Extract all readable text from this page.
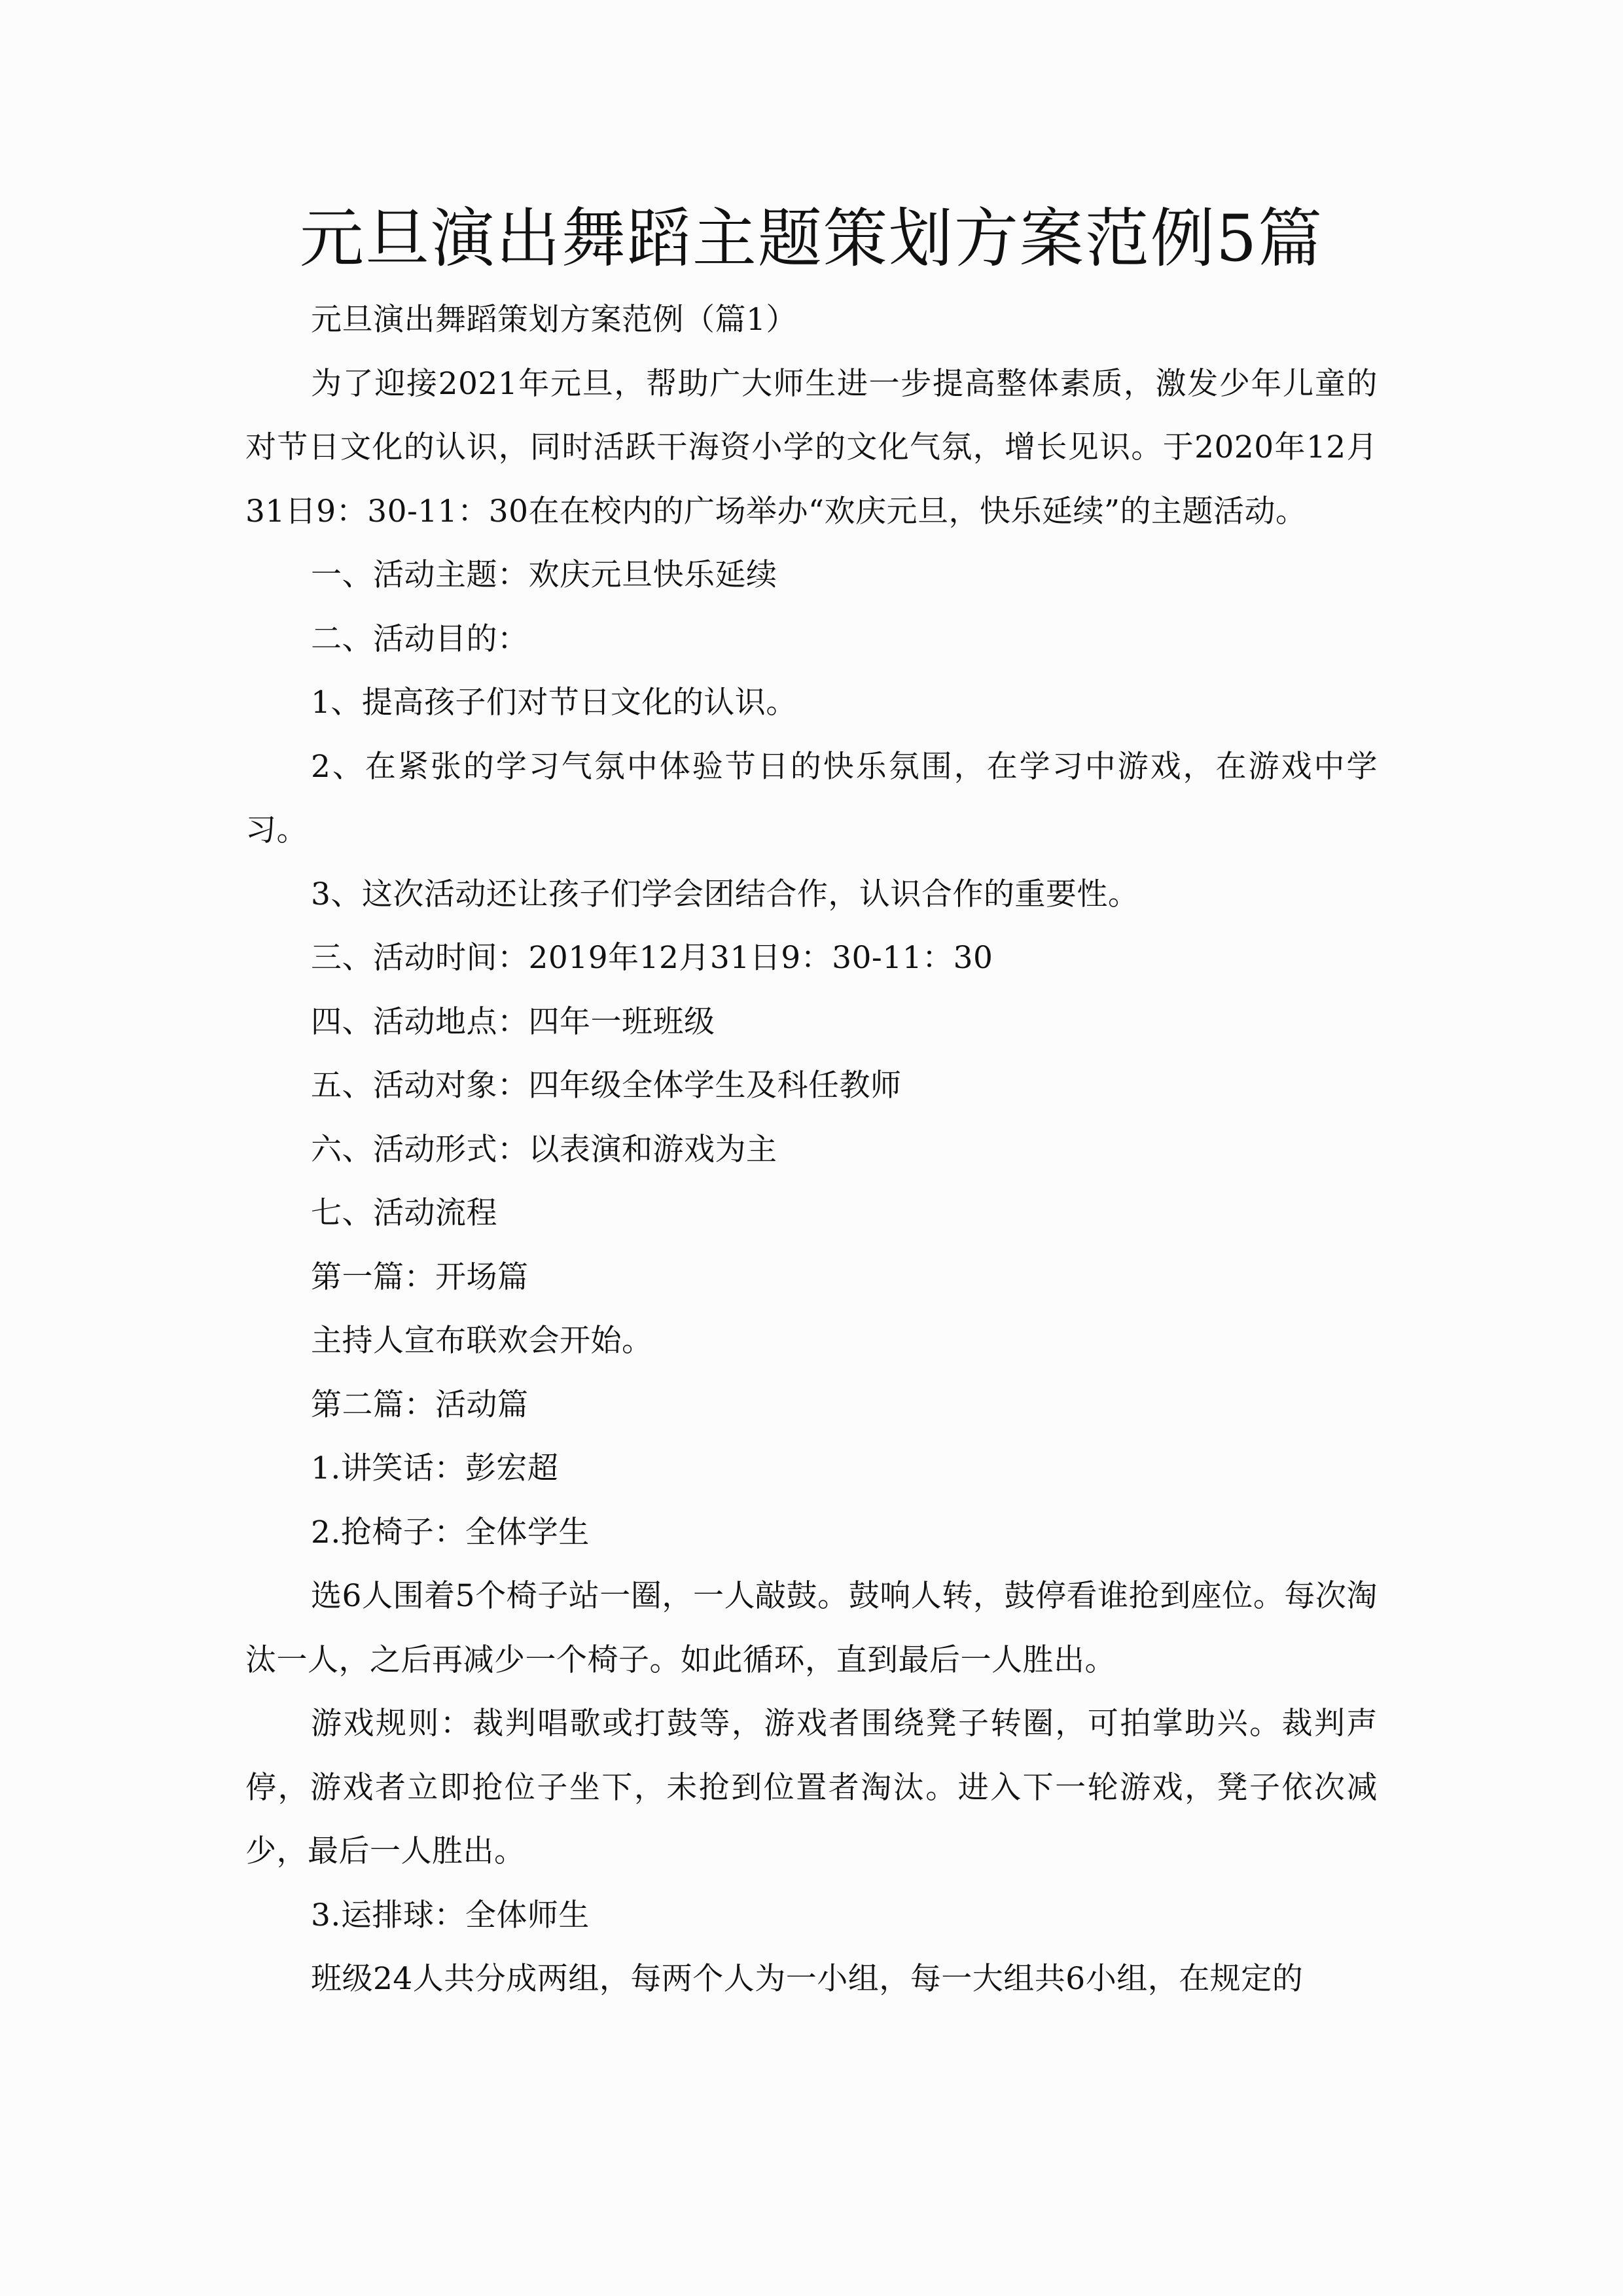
元旦演出舞蹈主题策划方案范例5篇

元旦演出舞蹈策划方案范例（篇1）

为了迎接2021年元旦，帮助广大师生进一步提高整体素质，激发少年儿童的对节日文化的认识，同时活跃干海资小学的文化气氛，增长见识。于2020年12月31日9：30-11：30在在校内的广场举办“欢庆元旦，快乐延续”的主题活动。

一、活动主题：欢庆元旦快乐延续

二、活动目的：

1、提高孩子们对节日文化的认识。

2、在紧张的学习气氛中体验节日的快乐氛围，在学习中游戏，在游戏中学习。

3、这次活动还让孩子们学会团结合作，认识合作的重要性。

三、活动时间：2019年12月31日9：30-11：30

四、活动地点：四年一班班级

五、活动对象：四年级全体学生及科任教师

六、活动形式：以表演和游戏为主

七、活动流程

第一篇：开场篇

主持人宣布联欢会开始。

第二篇：活动篇

1.讲笑话：彭宏超

2.抢椅子：全体学生

选6人围着5个椅子站一圈，一人敲鼓。鼓响人转，鼓停看谁抢到座位。每次淘汰一人，之后再减少一个椅子。如此循环，直到最后一人胜出。

游戏规则：裁判唱歌或打鼓等，游戏者围绕凳子转圈，可拍掌助兴。裁判声停，游戏者立即抢位子坐下，未抢到位置者淘汰。进入下一轮游戏，凳子依次减少，最后一人胜出。

3.运排球：全体师生

班级24人共分成两组，每两个人为一小组，每一大组共6小组，在规定的
